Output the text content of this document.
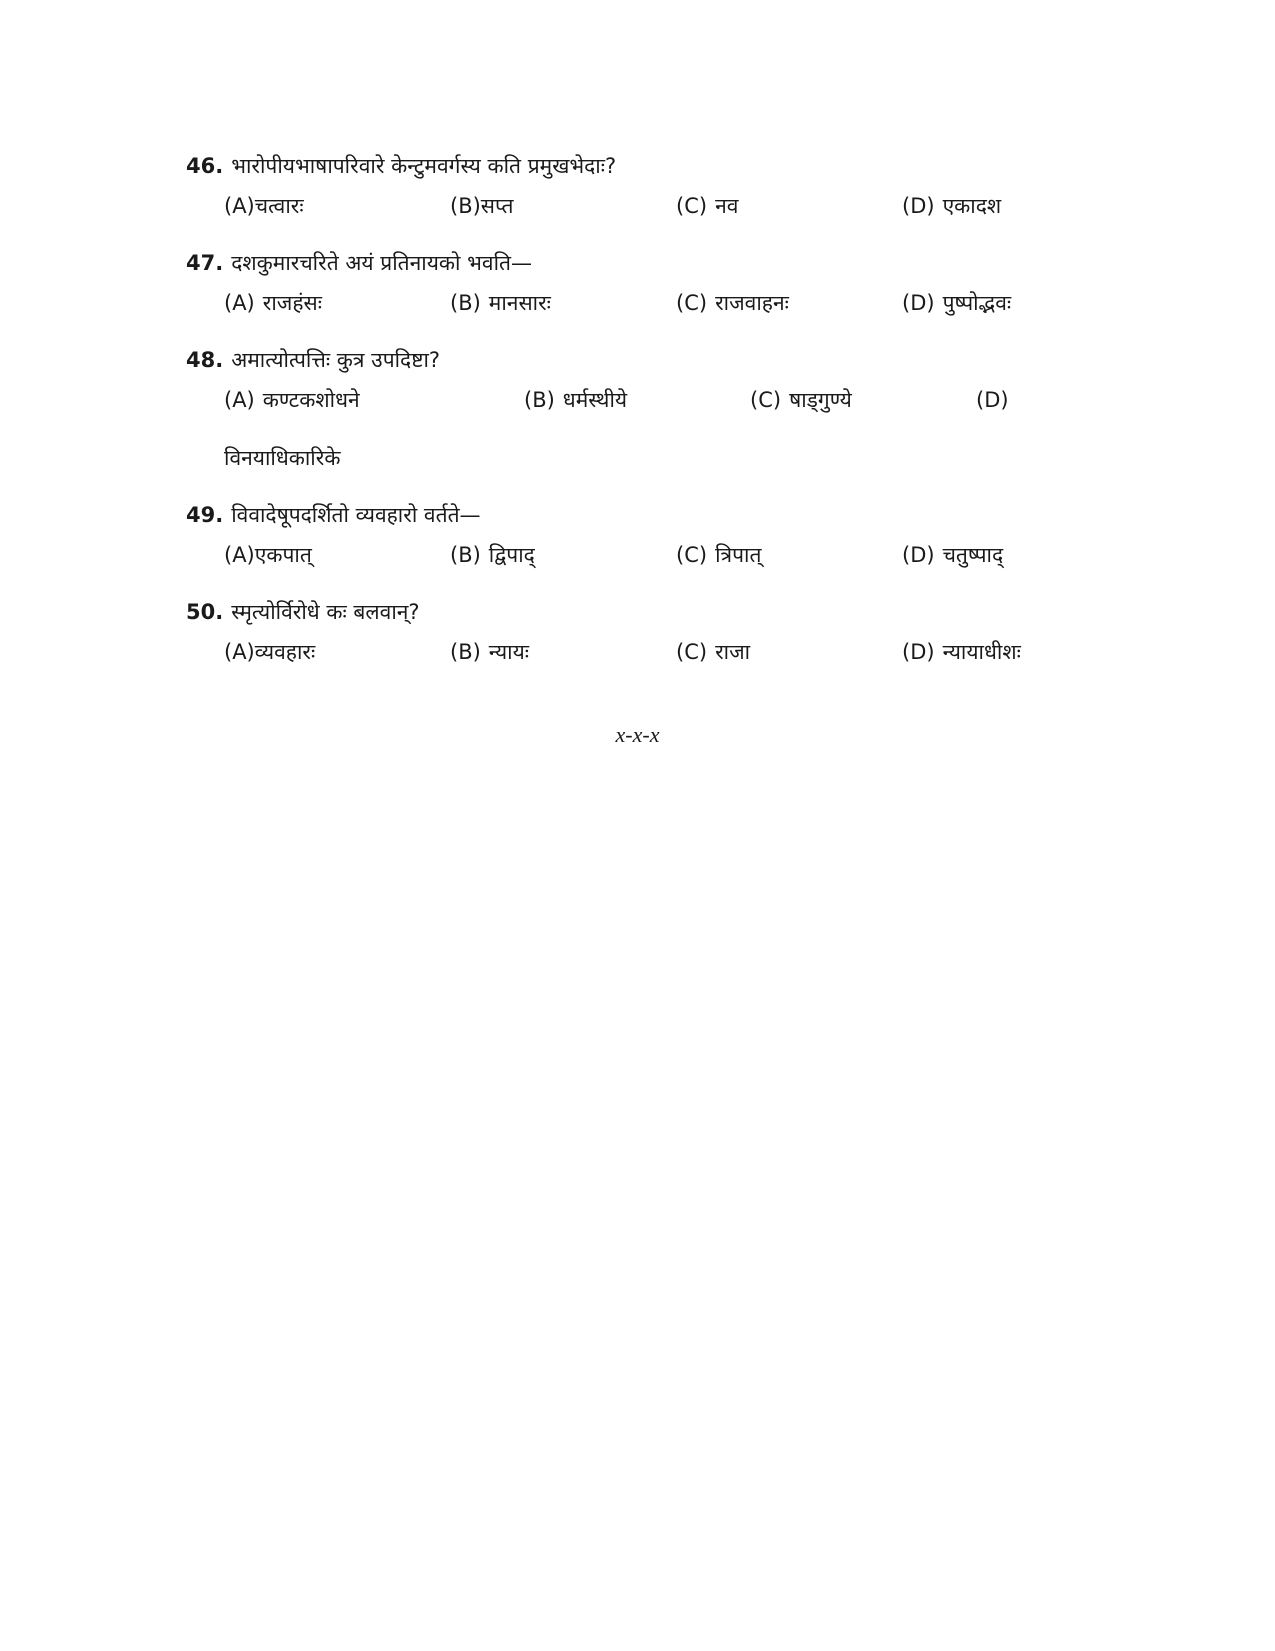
46. भारोपीयभाषापरिवारे केन्टुमवर्गस्य कति प्रमुखभेदाः?
(A)चत्वारः	(B)सप्त	(C) नव	(D) एकादश
47. दशकुमारचरिते अयं प्रतिनायको भवति—
(A) राजहंसः	(B) मानसारः	(C) राजवाहनः	(D) पुष्पोद्भवः
48. अमात्योत्पत्तिः कुत्र उपदिष्टा?
(A) कण्टकशोधने	(B) धर्मस्थीये	(C) षाड्गुण्ये	(D)
विनयाधिकारिके
49. विवादेषूपदर्शितो व्यवहारो वर्तते—
(A)एकपात्	(B) द्विपाद्	(C) त्रिपात्	(D) चतुष्पाद्
50. स्मृत्योर्विरोधे कः बलवान्?
(A)व्यवहारः	(B) न्यायः	(C) राजा	(D) न्यायाधीशः
x-x-x
